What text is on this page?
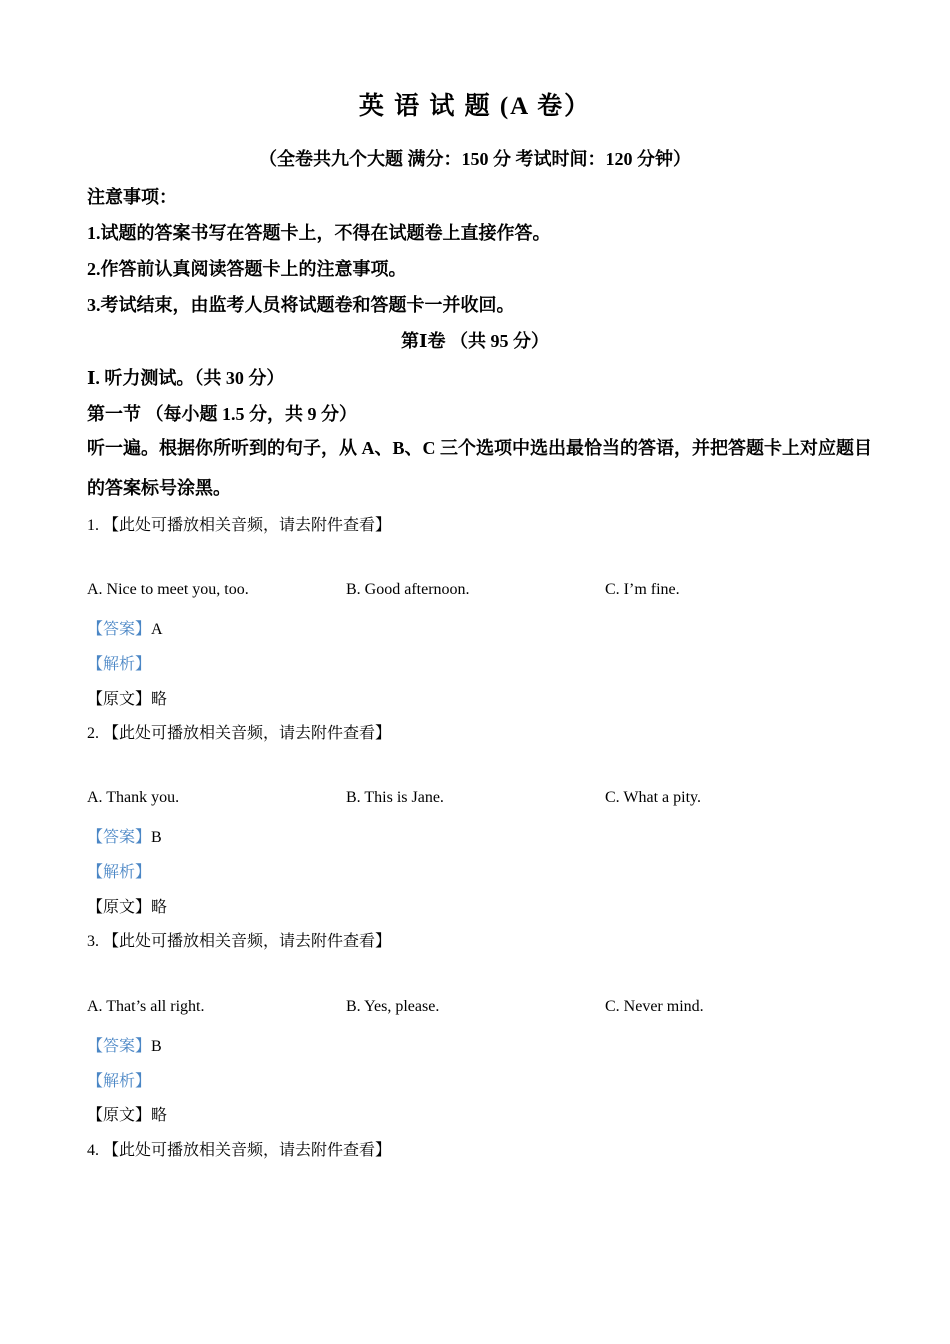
英 语 试 题 (A 卷）
（全卷共九个大题 满分：150 分 考试时间：120 分钟）
注意事项：
1.试题的答案书写在答题卡上，不得在试题卷上直接作答。
2.作答前认真阅读答题卡上的注意事项。
3.考试结束，由监考人员将试题卷和答题卡一并收回。
第Ⅰ卷 （共 95 分）
Ⅰ. 听力测试。（共 30 分）
第一节 （每小题 1.5 分，共 9 分）
听一遍。根据你所听到的句子，从 A、B、C 三个选项中选出最恰当的答语，并把答题卡上对应题目的答案标号涂黑。
1. 【此处可播放相关音频，请去附件查看】
A. Nice to meet you, too.	B. Good afternoon.	C. I’m fine.
【答案】A
【解析】
【原文】略
2. 【此处可播放相关音频，请去附件查看】
A. Thank you.	B. This is Jane.	C. What a pity.
【答案】B
【解析】
【原文】略
3. 【此处可播放相关音频，请去附件查看】
A. That’s all right.	B. Yes, please.	C. Never mind.
【答案】B
【解析】
【原文】略
4. 【此处可播放相关音频，请去附件查看】
